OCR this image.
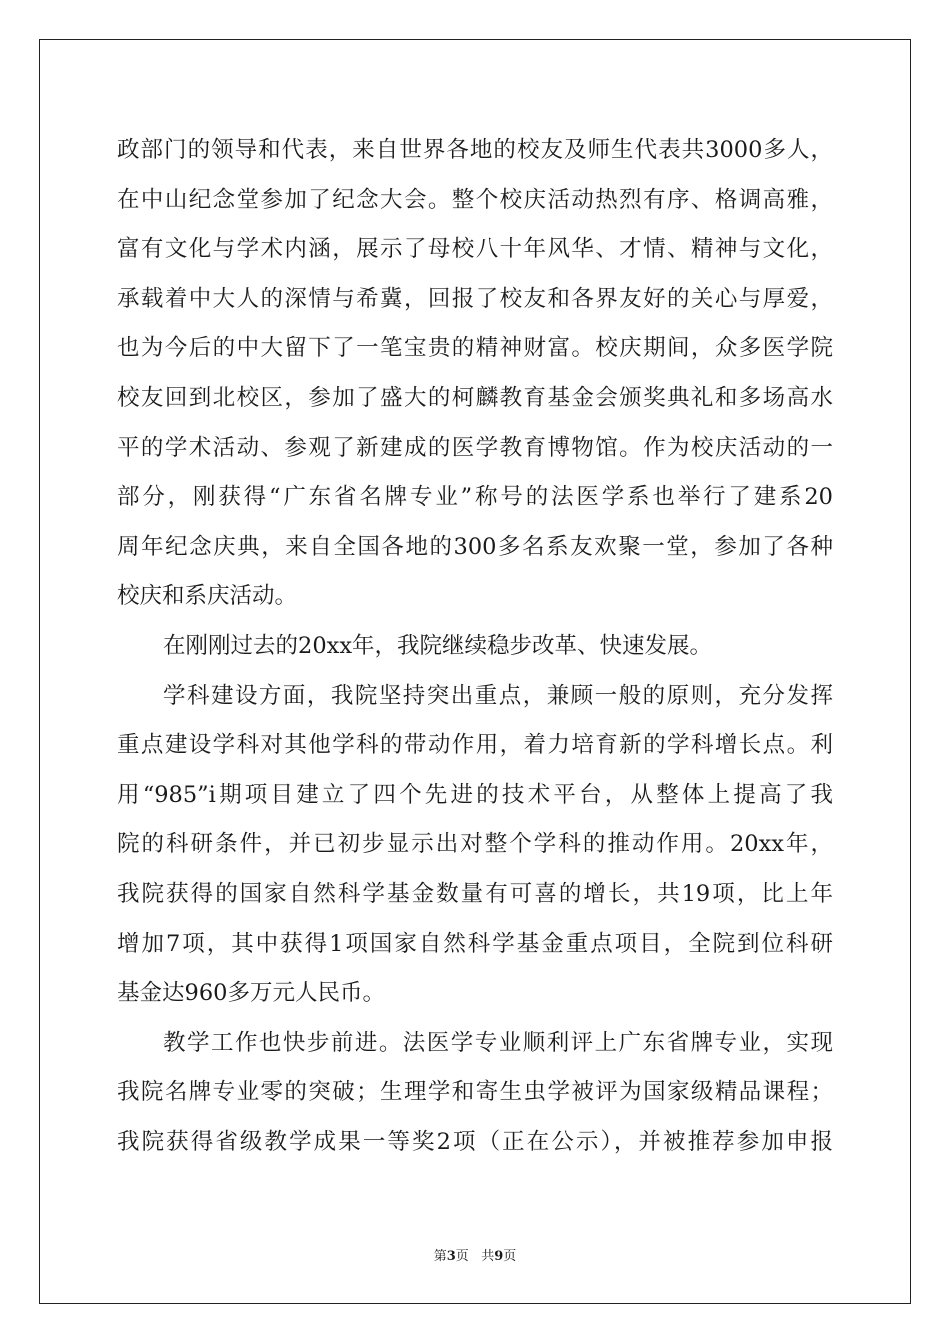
政部门的领导和代表，来自世界各地的校友及师生代表共3000多人，
在中山纪念堂参加了纪念大会。整个校庆活动热烈有序、格调高雅，
富有文化与学术内涵，展示了母校八十年风华、才情、精神与文化，
承载着中大人的深情与希冀，回报了校友和各界友好的关心与厚爱，
也为今后的中大留下了一笔宝贵的精神财富。校庆期间，众多医学院
校友回到北校区，参加了盛大的柯麟教育基金会颁奖典礼和多场高水
平的学术活动、参观了新建成的医学教育博物馆。作为校庆活动的一
部分，刚获得“广东省名牌专业”称号的法医学系也举行了建系20
周年纪念庆典，来自全国各地的300多名系友欢聚一堂，参加了各种
校庆和系庆活动。
在刚刚过去的20xx年，我院继续稳步改革、快速发展。
学科建设方面，我院坚持突出重点，兼顾一般的原则，充分发挥
重点建设学科对其他学科的带动作用，着力培育新的学科增长点。利
用“985”i期项目建立了四个先进的技术平台，从整体上提高了我
院的科研条件，并已初步显示出对整个学科的推动作用。20xx年，
我院获得的国家自然科学基金数量有可喜的增长，共19项，比上年
增加7项，其中获得1项国家自然科学基金重点项目，全院到位科研
基金达960多万元人民币。
教学工作也快步前进。法医学专业顺利评上广东省牌专业，实现
我院名牌专业零的突破；生理学和寄生虫学被评为国家级精品课程；
我院获得省级教学成果一等奖2项（正在公示），并被推荐参加申报
第3页 共9页
